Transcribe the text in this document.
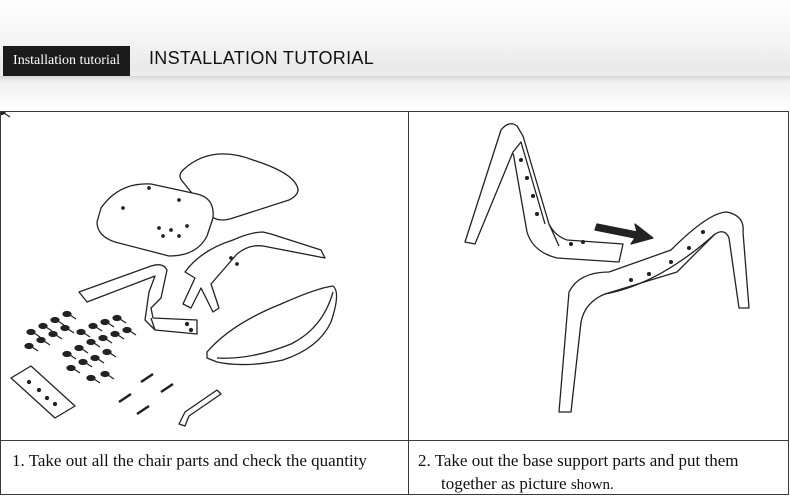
Installation tutorial	INSTALLATION TUTORIAL
1. Take out all the chair parts and check the quantity	2. Take out the base support parts and put them
together as picture shown.
